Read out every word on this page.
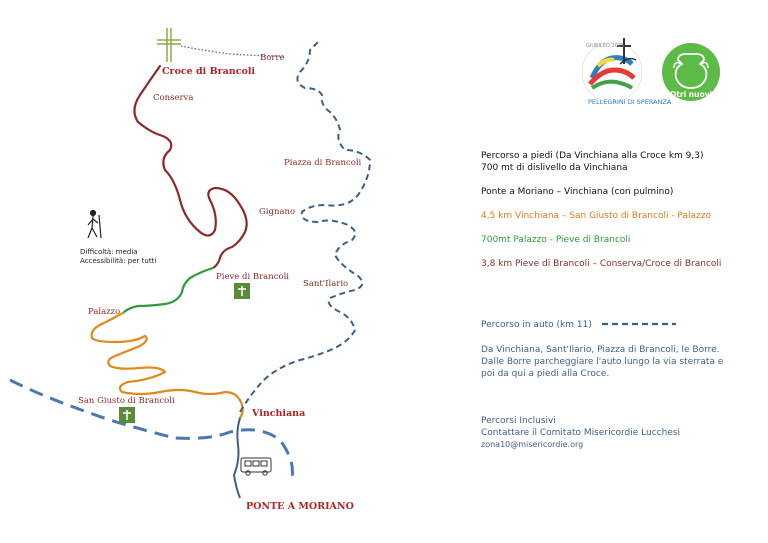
Croce di Brancoli
Borre
Conserva
Piazza di Brancoli
Gignano
Pieve di Brancoli
Sant'Ilario
Palazzo
San Giusto di Brancoli
Vinchiana
PONTE A MORIANO
Difficoltà: media
Accessibilità: per tutti
PELLEGRINI DI SPERANZA
GIUBILEO 2025
Otri nuovi

Percorso a piedi (Da Vinchiana alla Croce km 9,3)

700 mt di dislivello da Vinchiana

Ponte a Moriano – Vinchiana (con pulmino)

4,5 km Vinchiana – San Giusto di Brancoli - Palazzo

700mt Palazzo - Pieve di Brancoli

3,8 km Pieve di Brancoli – Conserva/Croce di Brancoli

Percorso in auto (km 11)
Da Vinchiana, Sant'Ilario, Piazza di Brancoli, le Borre.
Dalle Borre parcheggiare l'auto lungo la via sterrata e
poi da qui a piedi alla Croce.
Percorsi Inclusivi
Contattare il Comitato Misericordie Lucchesi
zona10@misericordie.org
